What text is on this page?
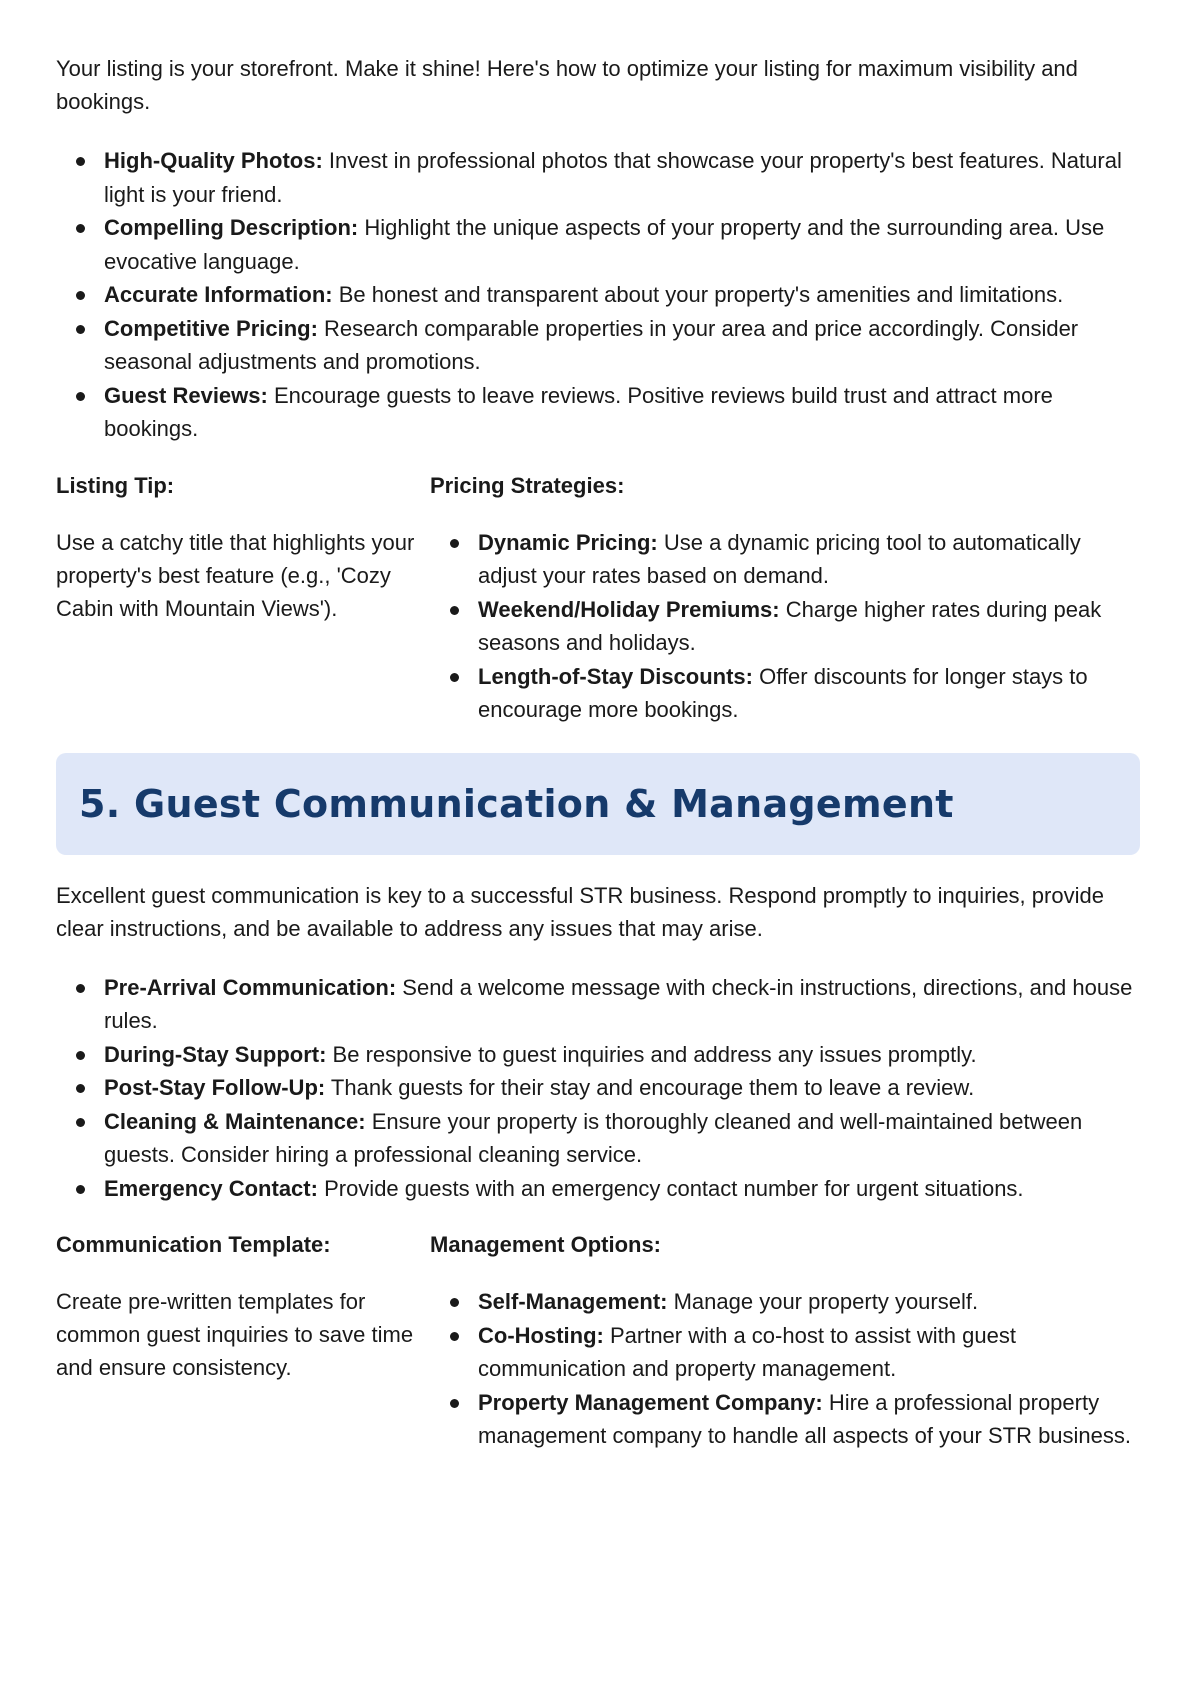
Your listing is your storefront. Make it shine! Here's how to optimize your listing for maximum visibility and bookings.

High-Quality Photos: Invest in professional photos that showcase your property's best features. Natural light is your friend.
Compelling Description: Highlight the unique aspects of your property and the surrounding area. Use evocative language.
Accurate Information: Be honest and transparent about your property's amenities and limitations.
Competitive Pricing: Research comparable properties in your area and price accordingly. Consider seasonal adjustments and promotions.
Guest Reviews: Encourage guests to leave reviews. Positive reviews build trust and attract more bookings.
Listing Tip:

Use a catchy title that highlights your property's best feature (e.g., 'Cozy Cabin with Mountain Views').

Pricing Strategies:
Dynamic Pricing: Use a dynamic pricing tool to automatically adjust your rates based on demand.
Weekend/Holiday Premiums: Charge higher rates during peak seasons and holidays.
Length-of-Stay Discounts: Offer discounts for longer stays to encourage more bookings.
5. Guest Communication & Management

Excellent guest communication is key to a successful STR business. Respond promptly to inquiries, provide clear instructions, and be available to address any issues that may arise.

Pre-Arrival Communication: Send a welcome message with check-in instructions, directions, and house rules.
During-Stay Support: Be responsive to guest inquiries and address any issues promptly.
Post-Stay Follow-Up: Thank guests for their stay and encourage them to leave a review.
Cleaning & Maintenance: Ensure your property is thoroughly cleaned and well-maintained between guests. Consider hiring a professional cleaning service.
Emergency Contact: Provide guests with an emergency contact number for urgent situations.
Communication Template:

Create pre-written templates for common guest inquiries to save time and ensure consistency.

Management Options:
Self-Management: Manage your property yourself.
Co-Hosting: Partner with a co-host to assist with guest communication and property management.
Property Management Company: Hire a professional property management company to handle all aspects of your STR business.
